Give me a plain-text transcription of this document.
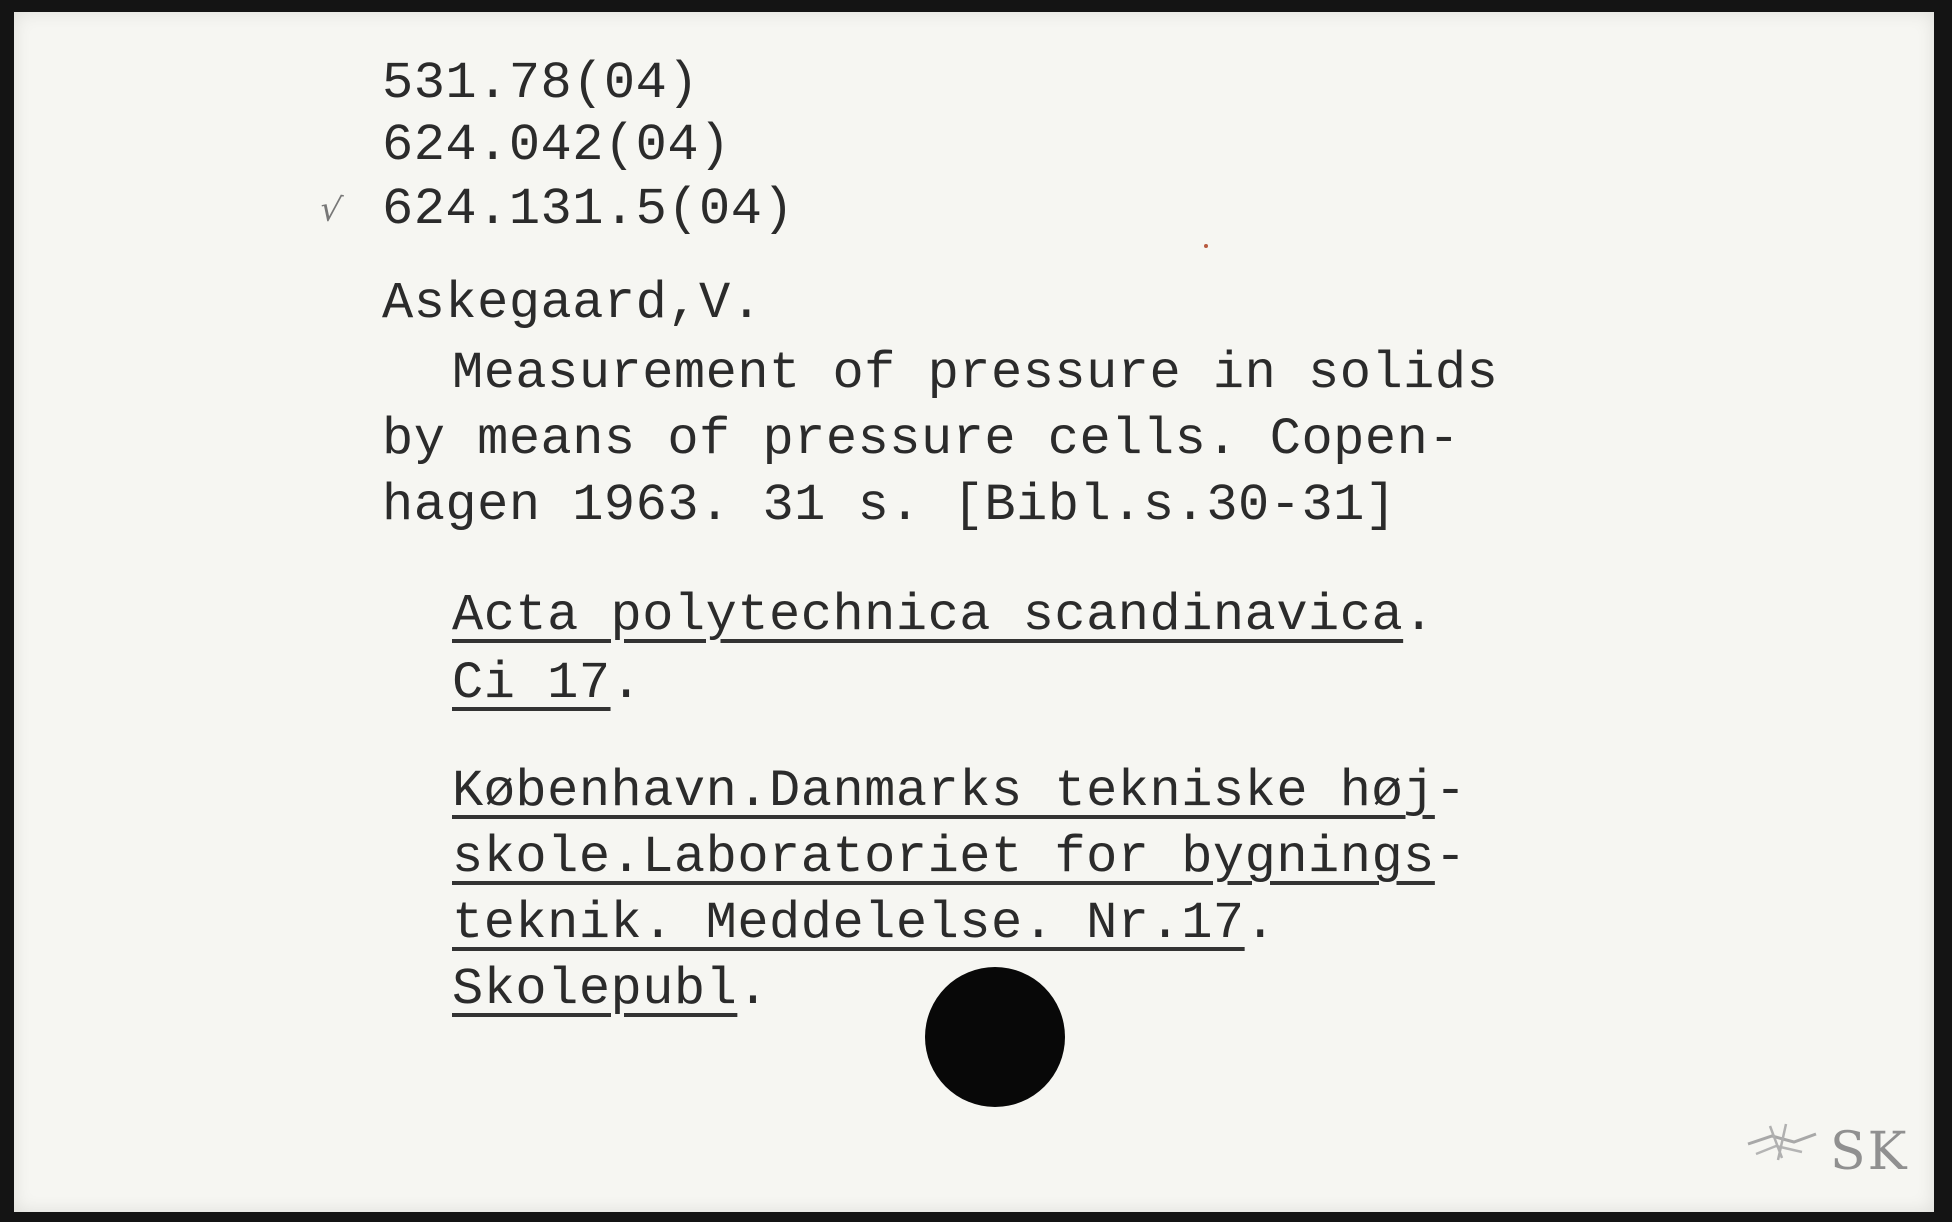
531.78(04)
624.042(04)
√ 624.131.5(04)
Askegaard,V.
Measurement of pressure in solids
by means of pressure cells. Copen-
hagen 1963. 31 s. [Bibl.s.30-31]
Acta polytechnica scandinavica.
Ci 17.
København.Danmarks tekniske høj-
skole.Laboratoriet for bygnings-
teknik. Meddelelse. Nr.17.
Skolepubl.
SK
